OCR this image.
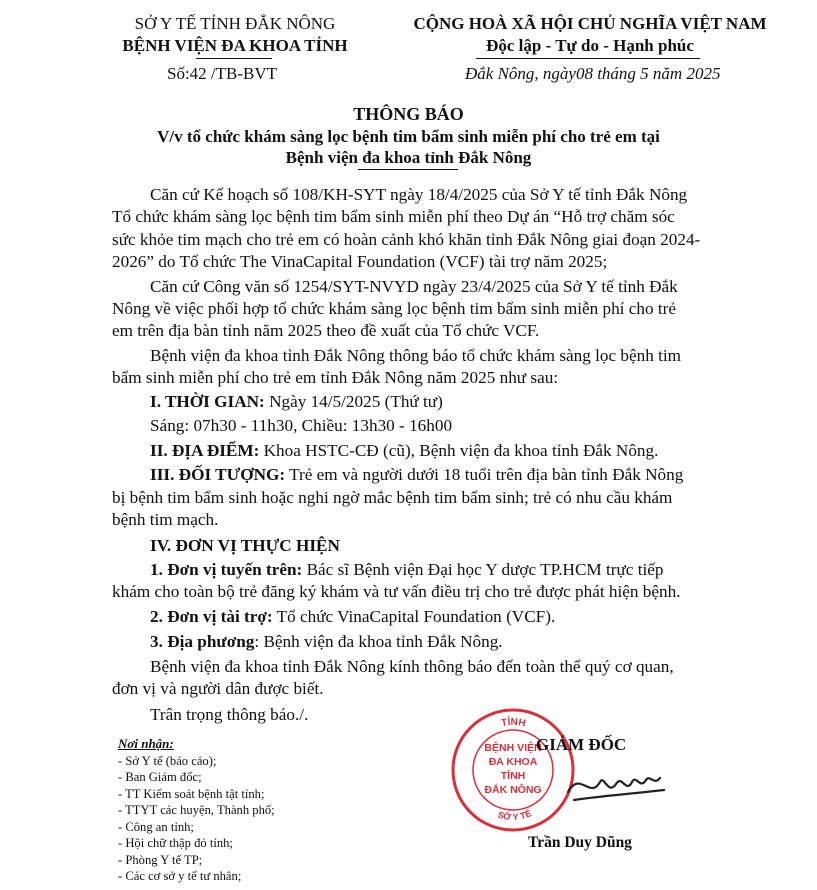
SỞ Y TẾ TỈNH ĐẮK NÔNG
BỆNH VIỆN ĐA KHOA TỈNH
Số:42 /TB-BVT
CỘNG HOÀ XÃ HỘI CHỦ NGHĨA VIỆT NAM
Độc lập - Tự do - Hạnh phúc
Đắk Nông, ngày08 tháng 5 năm 2025
THÔNG BÁO
V/v tổ chức khám sàng lọc bệnh tim bẩm sinh miễn phí cho trẻ em tại
Bệnh viện đa khoa tỉnh Đắk Nông
Căn cứ Kế hoạch số 108/KH-SYT ngày 18/4/2025 của Sở Y tế tỉnh Đắk Nông
Tổ chức khám sàng lọc bệnh tim bẩm sinh miễn phí theo Dự án “Hỗ trợ chăm sóc
sức khỏe tim mạch cho trẻ em có hoàn cảnh khó khăn tỉnh Đắk Nông giai đoạn 2024-
2026” do Tổ chức The VinaCapital Foundation (VCF) tài trợ năm 2025;
Căn cứ Công văn số 1254/SYT-NVYD ngày 23/4/2025 của Sở Y tế tỉnh Đắk
Nông về việc phối hợp tổ chức khám sàng lọc bệnh tim bẩm sinh miễn phí cho trẻ
em trên địa bàn tỉnh năm 2025 theo đề xuất của Tổ chức VCF.
Bệnh viện đa khoa tỉnh Đắk Nông thông báo tổ chức khám sàng lọc bệnh tim
bẩm sinh miễn phí cho trẻ em tỉnh Đắk Nông năm 2025 như sau:
I. THỜI GIAN: Ngày 14/5/2025 (Thứ tư)
Sáng: 07h30 - 11h30, Chiều: 13h30 - 16h00
II. ĐỊA ĐIỂM: Khoa HSTC-CĐ (cũ), Bệnh viện đa khoa tỉnh Đắk Nông.
III. ĐỐI TƯỢNG: Trẻ em và người dưới 18 tuổi trên địa bàn tỉnh Đắk Nông
bị bệnh tim bẩm sinh hoặc nghi ngờ mắc bệnh tim bẩm sinh; trẻ có nhu cầu khám
bệnh tim mạch.
IV. ĐƠN VỊ THỰC HIỆN
1. Đơn vị tuyến trên: Bác sĩ Bệnh viện Đại học Y dược TP.HCM trực tiếp
khám cho toàn bộ trẻ đăng ký khám và tư vấn điều trị cho trẻ được phát hiện bệnh.
2. Đơn vị tài trợ: Tổ chức VinaCapital Foundation (VCF).
3. Địa phương: Bệnh viện đa khoa tỉnh Đắk Nông.
Bệnh viện đa khoa tỉnh Đắk Nông kính thông báo đến toàn thể quý cơ quan,
đơn vị và người dân được biết.
Trân trọng thông báo./.
Nơi nhận:
- Sở Y tế (báo cáo);
- Ban Giám đốc;
- TT Kiểm soát bệnh tật tỉnh;
- TTYT các huyện, Thành phố;
- Công an tỉnh;
- Hội chữ thập đỏ tỉnh;
- Phòng Y tế TP;
- Các cơ sở y tế tư nhân;
TỈNH
SỞ Y TẾ
BỆNH VIỆN
ĐA KHOA
TỈNH
ĐẮK NÔNG
GIÁM ĐỐC
Trần Duy Dũng
